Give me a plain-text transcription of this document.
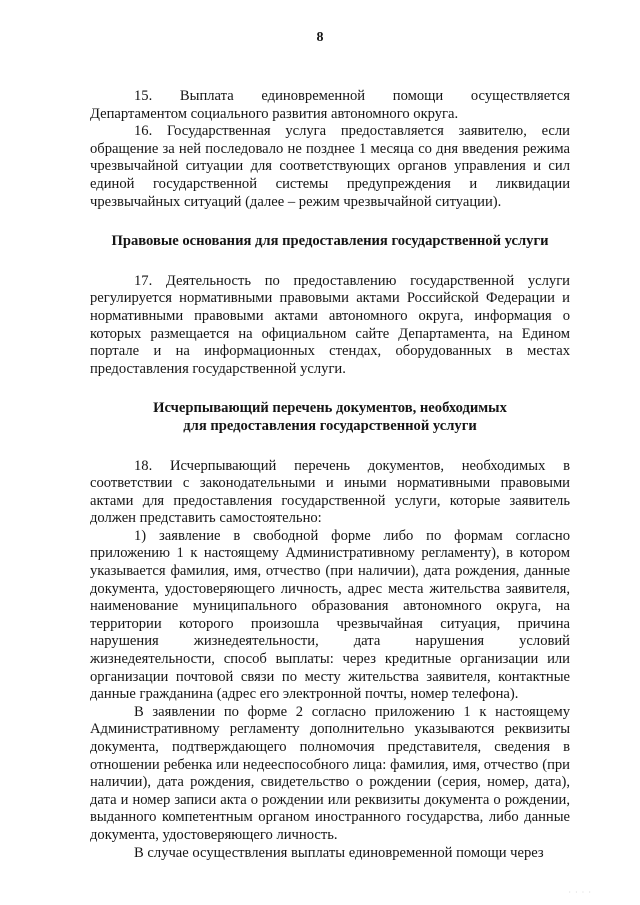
8

15. Выплата единовременной помощи осуществляется Департаментом социального развития автономного округа.

16. Государственная услуга предоставляется заявителю, если обращение за ней последовало не позднее 1 месяца со дня введения режима чрезвычайной ситуации для соответствующих органов управления и сил единой государственной системы предупреждения и ликвидации чрезвычайных ситуаций (далее – режим чрезвычайной ситуации).

Правовые основания для предоставления государственной услуги

17. Деятельность по предоставлению государственной услуги регулируется нормативными правовыми актами Российской Федерации и нормативными правовыми актами автономного округа, информация о которых размещается на официальном сайте Департамента, на Едином портале и на информационных стендах, оборудованных в местах предоставления государственной услуги.

Исчерпывающий перечень документов, необходимых

для предоставления государственной услуги

18. Исчерпывающий перечень документов, необходимых в соответствии с законодательными и иными нормативными правовыми актами для предоставления государственной услуги, которые заявитель должен представить самостоятельно:

1) заявление в свободной форме либо по формам согласно приложению 1 к настоящему Административному регламенту), в котором указывается фамилия, имя, отчество (при наличии), дата рождения, данные документа, удостоверяющего личность, адрес места жительства заявителя, наименование муниципального образования автономного округа, на территории которого произошла чрезвычайная ситуация, причина нарушения жизнедеятельности, дата нарушения условий жизнедеятельности, способ выплаты: через кредитные организации или организации почтовой связи по месту жительства заявителя, контактные данные гражданина (адрес его электронной почты, номер телефона).

В заявлении по форме 2 согласно приложению 1 к настоящему Административному регламенту дополнительно указываются реквизиты документа, подтверждающего полномочия представителя, сведения в отношении ребенка или недееспособного лица: фамилия, имя, отчество (при наличии), дата рождения, свидетельство о рождении (серия, номер, дата), дата и номер записи акта о рождении или реквизиты документа о рождении, выданного компетентным органом иностранного государства, либо данные документа, удостоверяющего личность.

В случае осуществления выплаты единовременной помощи через

· · · ·
